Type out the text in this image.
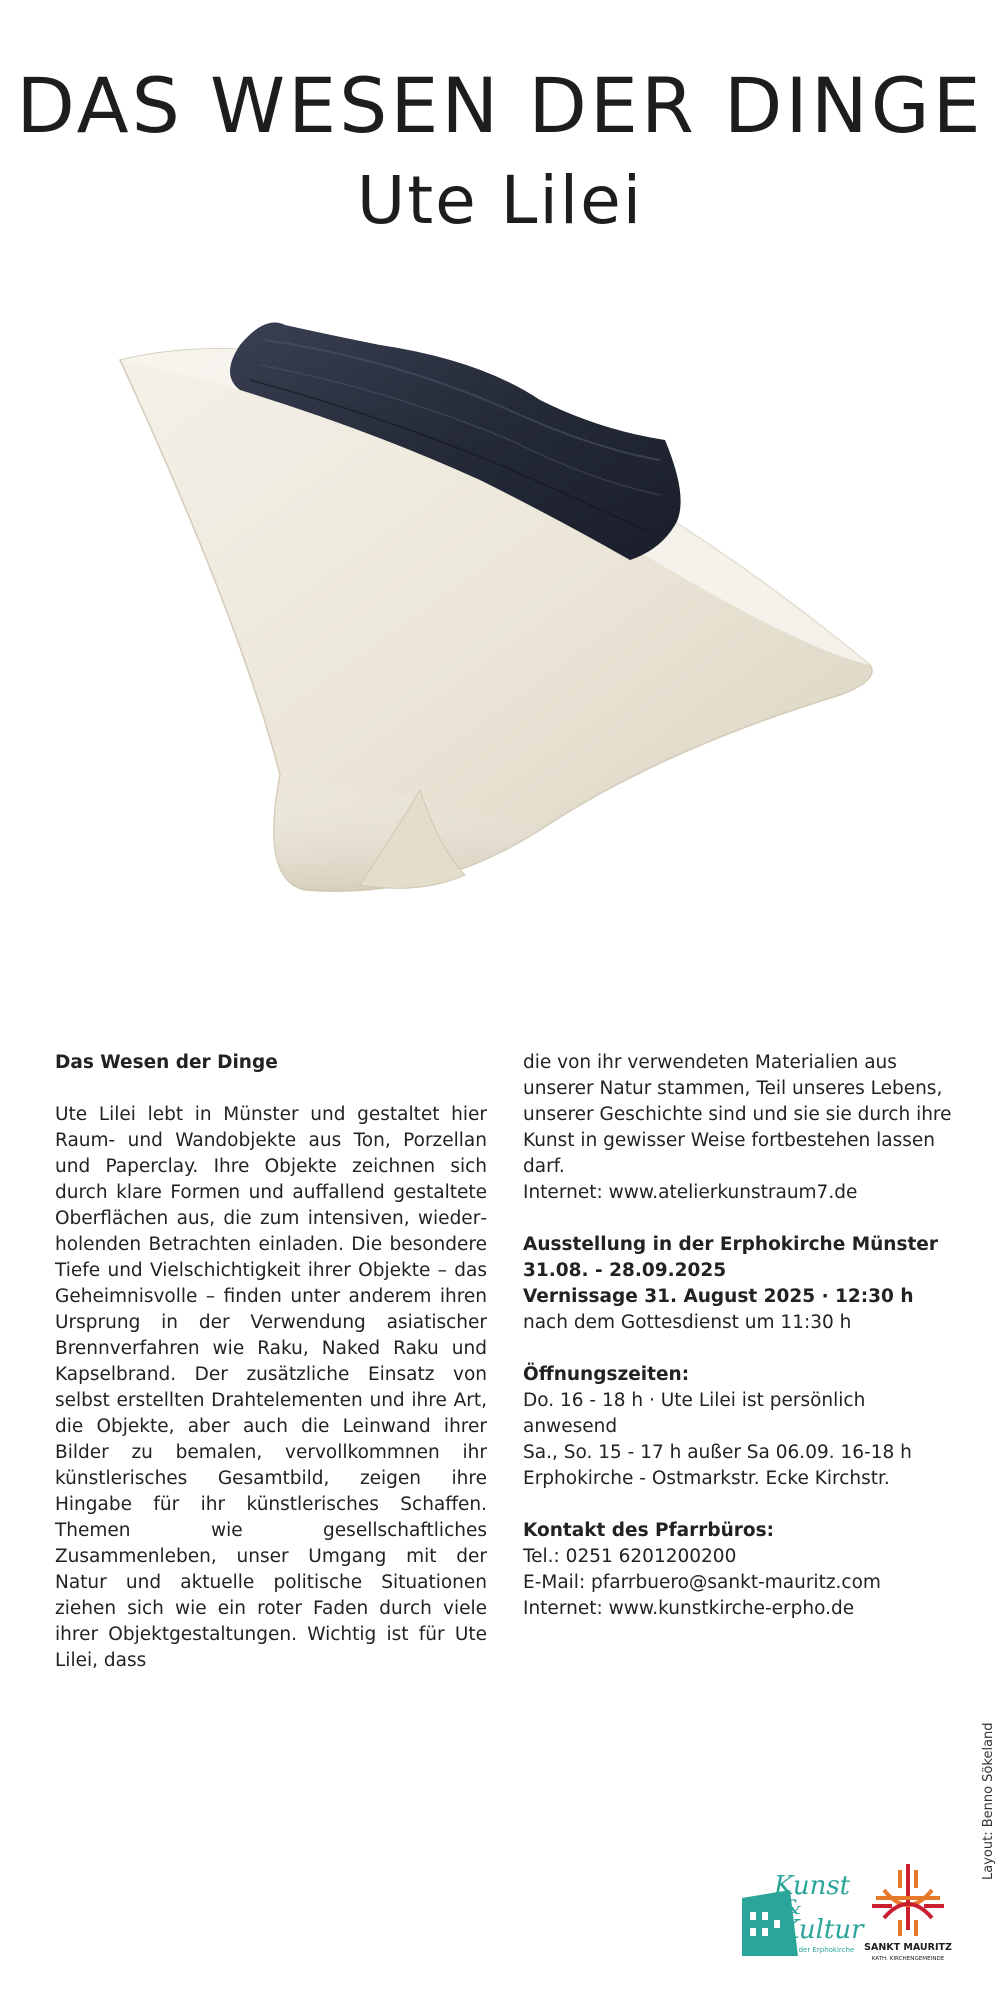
DAS WESEN DER DINGE
Ute Lilei

Das Wesen der Dinge

Ute Lilei lebt in Münster und gestaltet hier Raum- und Wandobjekte aus Ton, Porzellan und Paperclay. Ihre Objekte zeichnen sich durch klare Formen und auffallend gestaltete Oberflächen aus, die zum intensiven, wiederholenden Betrachten einladen. Die besondere Tiefe und Vielschichtigkeit ihrer Objekte – das Geheimnisvolle – finden unter anderem ihren Ursprung in der Verwendung asiatischer Brennverfahren wie Raku, Naked Raku und Kapselbrand. Der zusätzliche Einsatz von selbst erstellten Drahtelementen und ihre Art, die Objekte, aber auch die Leinwand ihrer Bilder zu bemalen, vervollkommnen ihr künstlerisches Gesamtbild, zeigen ihre Hingabe für ihr künstlerisches Schaffen. Themen wie gesellschaftliches Zusammenleben, unser Umgang mit der Natur und aktuelle politische Situationen ziehen sich wie ein roter Faden durch viele ihrer Objektgestaltungen. Wichtig ist für Ute Lilei, dass

die von ihr verwendeten Materialien aus unserer Natur stammen, Teil unseres Lebens, unserer Geschichte sind und sie sie durch ihre Kunst in gewisser Weise fortbestehen lassen darf.

Internet: www.atelierkunstraum7.de

Ausstellung in der Erphokirche Münster

31.08. - 28.09.2025

Vernissage 31. August 2025 · 12:30 h

nach dem Gottesdienst um 11:30 h

Öffnungszeiten:

Do. 16 - 18 h · Ute Lilei ist persönlich anwesend

Sa., So. 15 - 17 h außer Sa 06.09. 16-18 h

Erphokirche - Ostmarkstr. Ecke Kirchstr.

Kontakt des Pfarrbüros:

Tel.: 0251 6201200200

E-Mail: pfarrbuero@sankt-mauritz.com

Internet: www.kunstkirche-erpho.de

Kunst
&
Kultur
in der Erphokirche SANKT MAURITZ
KATH. KIRCHENGEMEINDE
Layout: Benno Sökeland
